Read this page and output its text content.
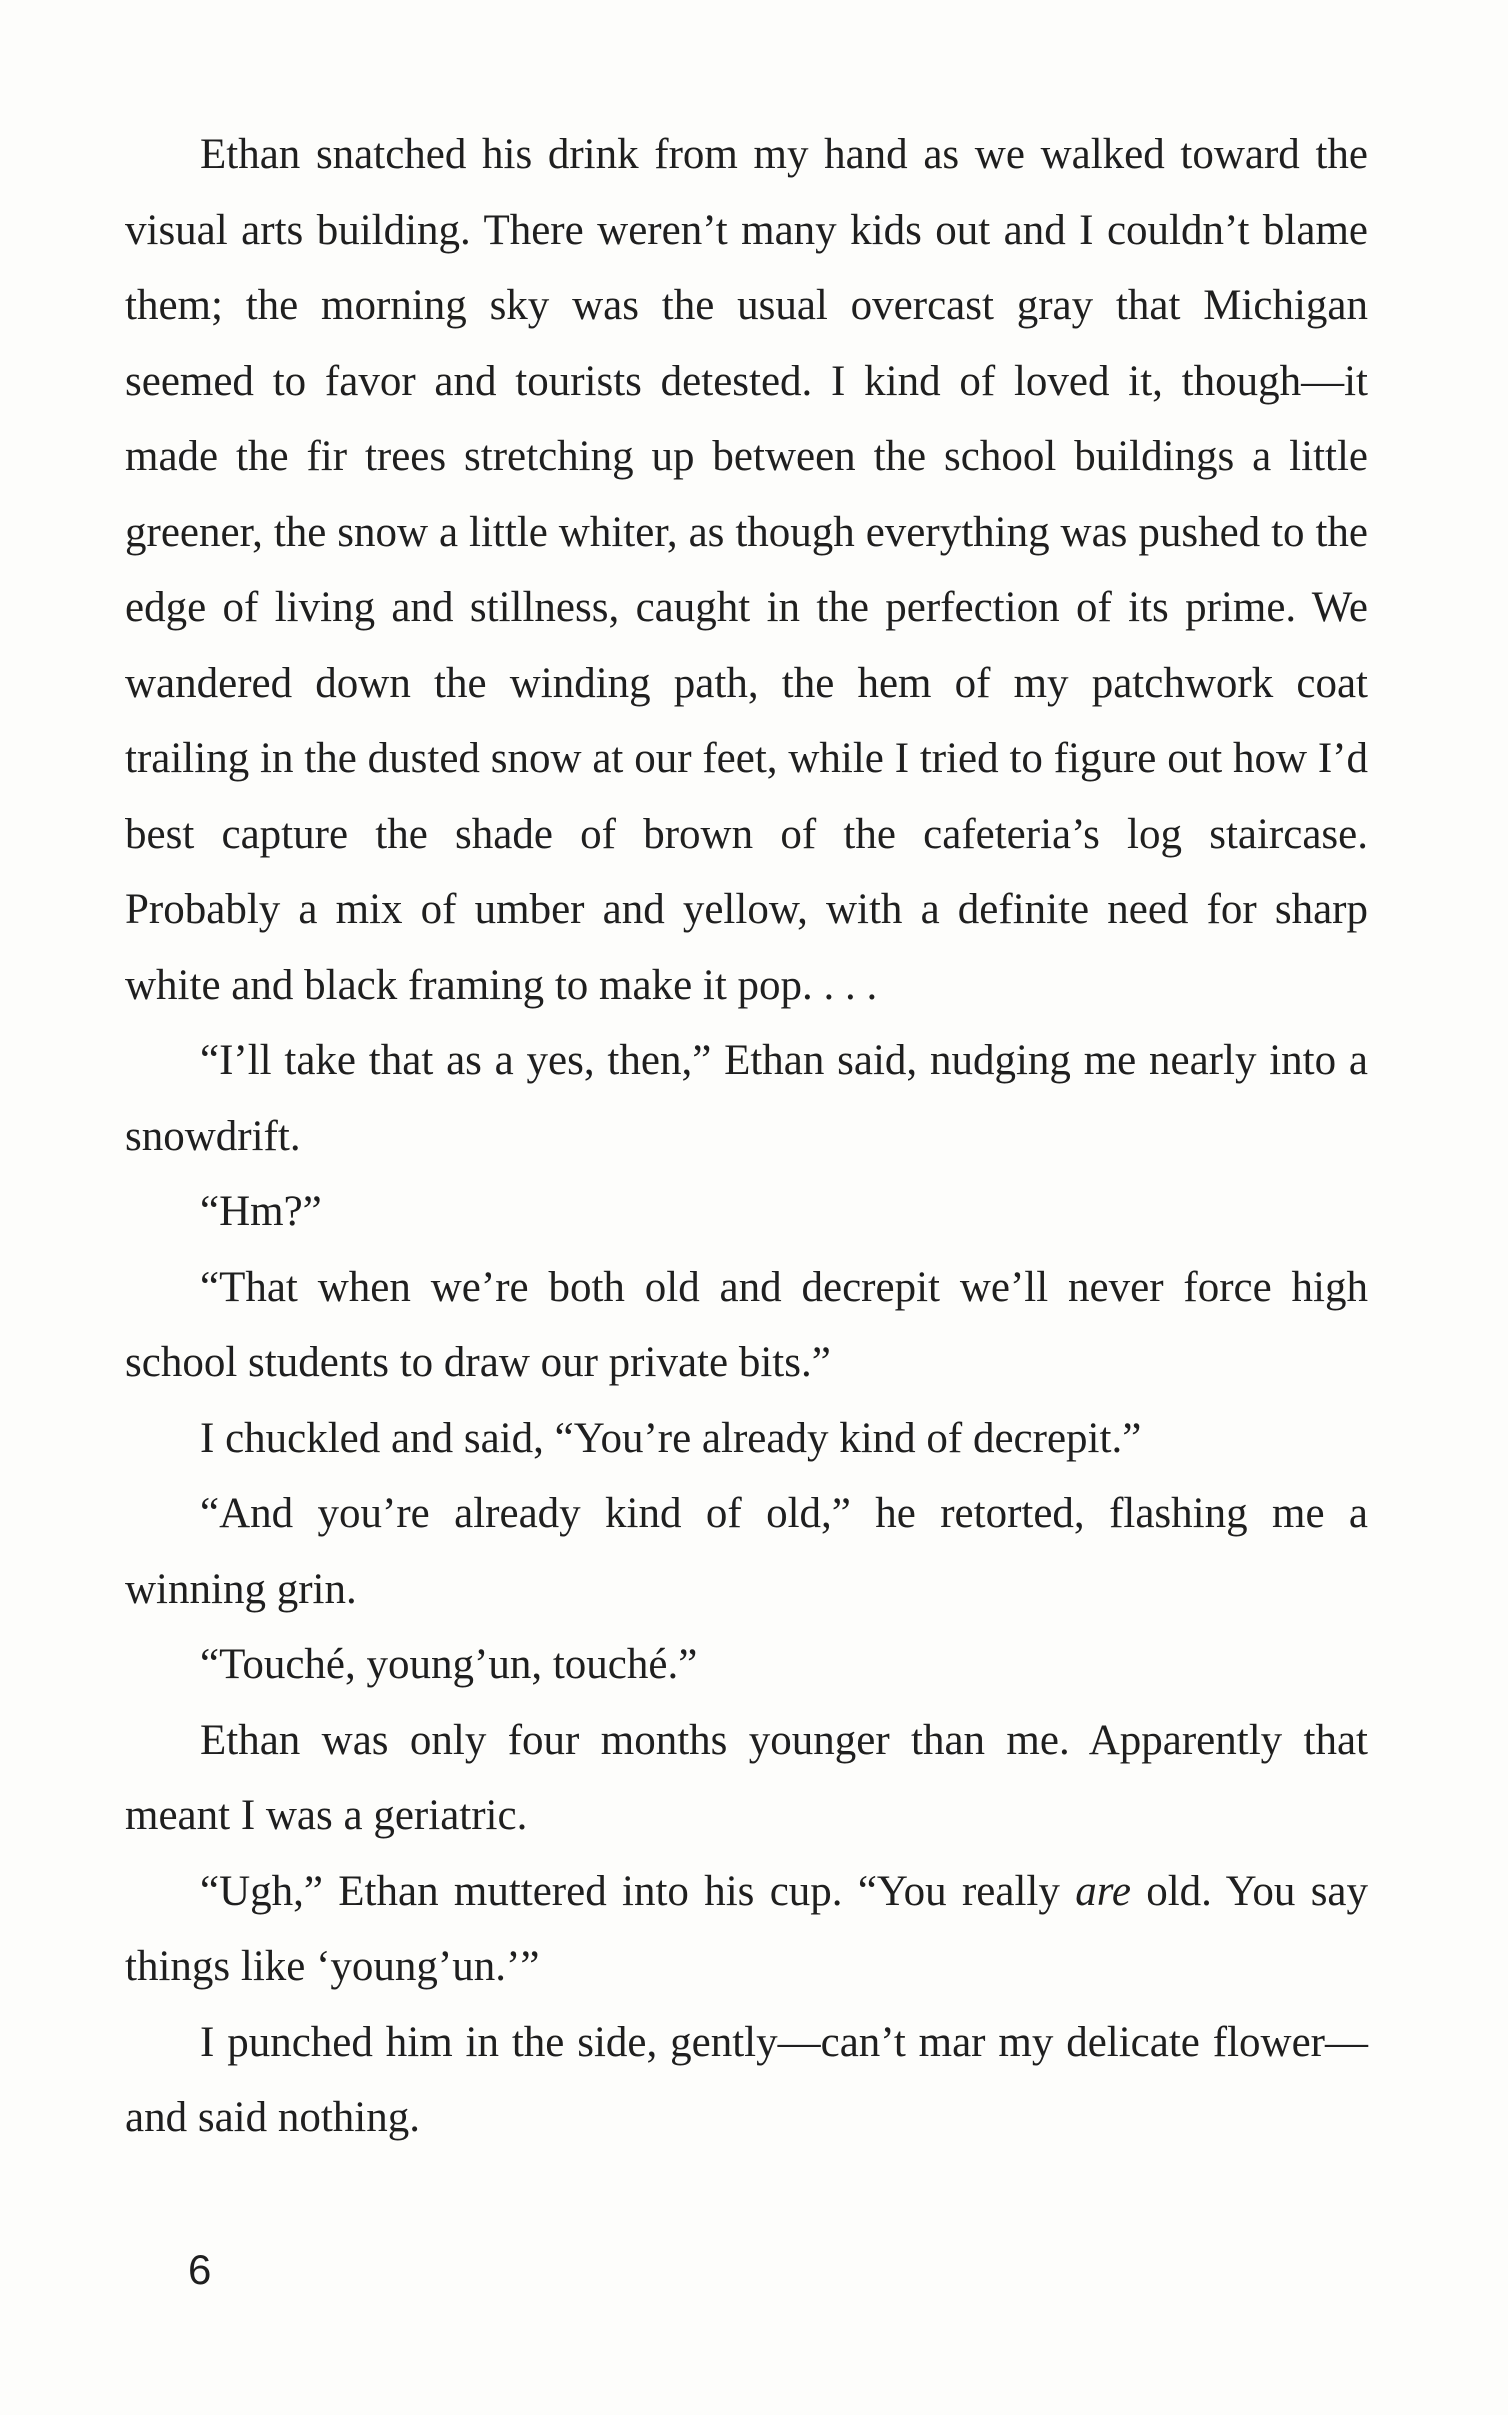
Ethan snatched his drink from my hand as we walked toward the visual arts building. There weren’t many kids out and I couldn’t blame them; the morning sky was the usual overcast gray that Michigan seemed to favor and tourists detested. I kind of loved it, though—it made the fir trees stretching up between the school buildings a little greener, the snow a little whiter, as though everything was pushed to the edge of living and stillness, caught in the perfection of its prime. We wandered down the winding path, the hem of my patchwork coat trailing in the dusted snow at our feet, while I tried to figure out how I’d best capture the shade of brown of the cafeteria’s log staircase. Probably a mix of umber and yellow, with a definite need for sharp white and black framing to make it pop. . . .

“I’ll take that as a yes, then,” Ethan said, nudging me nearly into a snowdrift.

“Hm?”

“That when we’re both old and decrepit we’ll never force high school students to draw our private bits.”

I chuckled and said, “You’re already kind of decrepit.”

“And you’re already kind of old,” he retorted, flashing me a winning grin.

“Touché, young’un, touché.”

Ethan was only four months younger than me. Apparently that meant I was a geriatric.

“Ugh,” Ethan muttered into his cup. “You really are old. You say things like ‘young’un.’”

I punched him in the side, gently—can’t mar my delicate flower—and said nothing.

6
